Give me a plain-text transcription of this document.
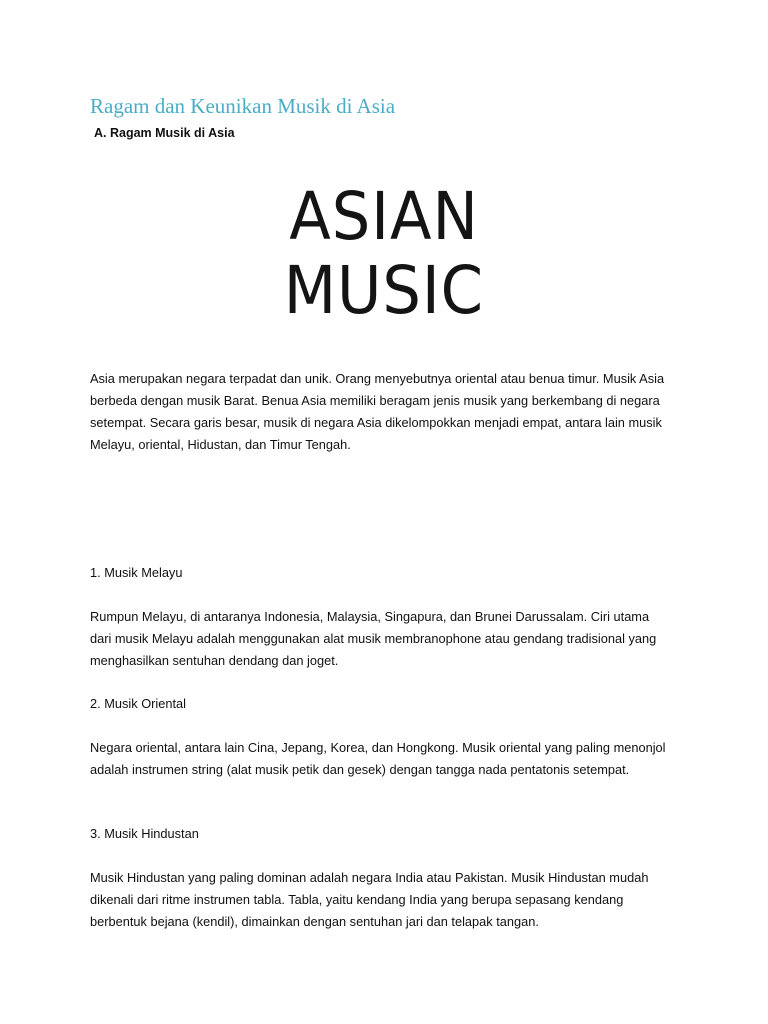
Ragam dan Keunikan Musik di Asia

A. Ragam Musik di Asia

ASIAN
MUSIC

Asia merupakan negara terpadat dan unik. Orang menyebutnya oriental atau benua timur. Musik Asia berbeda dengan musik Barat. Benua Asia memiliki beragam jenis musik yang berkembang di negara setempat. Secara garis besar, musik di negara Asia dikelompokkan menjadi empat, antara lain musik Melayu, oriental, Hidustan, dan Timur Tengah.

1. Musik Melayu

Rumpun Melayu, di antaranya Indonesia, Malaysia, Singapura, dan Brunei Darussalam. Ciri utama dari musik Melayu adalah menggunakan alat musik membranophone atau gendang tradisional yang menghasilkan sentuhan dendang dan joget.

2. Musik Oriental

Negara oriental, antara lain Cina, Jepang, Korea, dan Hongkong. Musik oriental yang paling menonjol adalah instrumen string (alat musik petik dan gesek) dengan tangga nada pentatonis setempat.

3. Musik Hindustan

Musik Hindustan yang paling dominan adalah negara India atau Pakistan. Musik Hindustan mudah dikenali dari ritme instrumen tabla. Tabla, yaitu kendang India yang berupa sepasang kendang berbentuk bejana (kendil), dimainkan dengan sentuhan jari dan telapak tangan.
